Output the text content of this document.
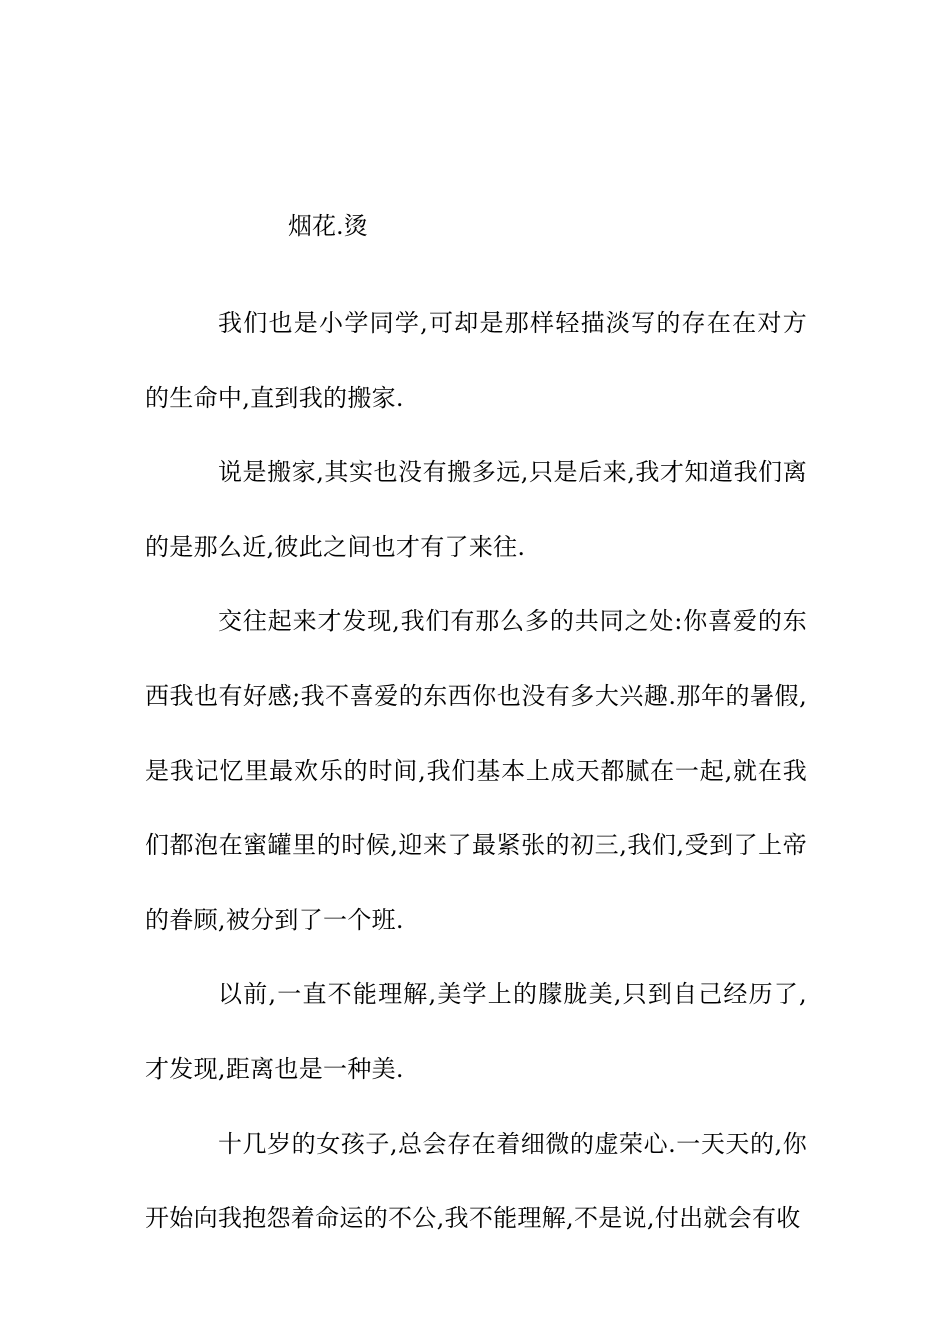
烟花.烫

我们也是小学同学,可却是那样轻描淡写的存在在对方的生命中,直到我的搬家.

说是搬家,其实也没有搬多远,只是后来,我才知道我们离的是那么近,彼此之间也才有了来往.

交往起来才发现,我们有那么多的共同之处:你喜爱的东西我也有好感;我不喜爱的东西你也没有多大兴趣.那年的暑假,是我记忆里最欢乐的时间,我们基本上成天都腻在一起,就在我们都泡在蜜罐里的时候,迎来了最紧张的初三,我们,受到了上帝的眷顾,被分到了一个班.

以前,一直不能理解,美学上的朦胧美,只到自己经历了,才发现,距离也是一种美.

十几岁的女孩子,总会存在着细微的虚荣心.一天天的,你开始向我抱怨着命运的不公,我不能理解,不是说,付出就会有收
